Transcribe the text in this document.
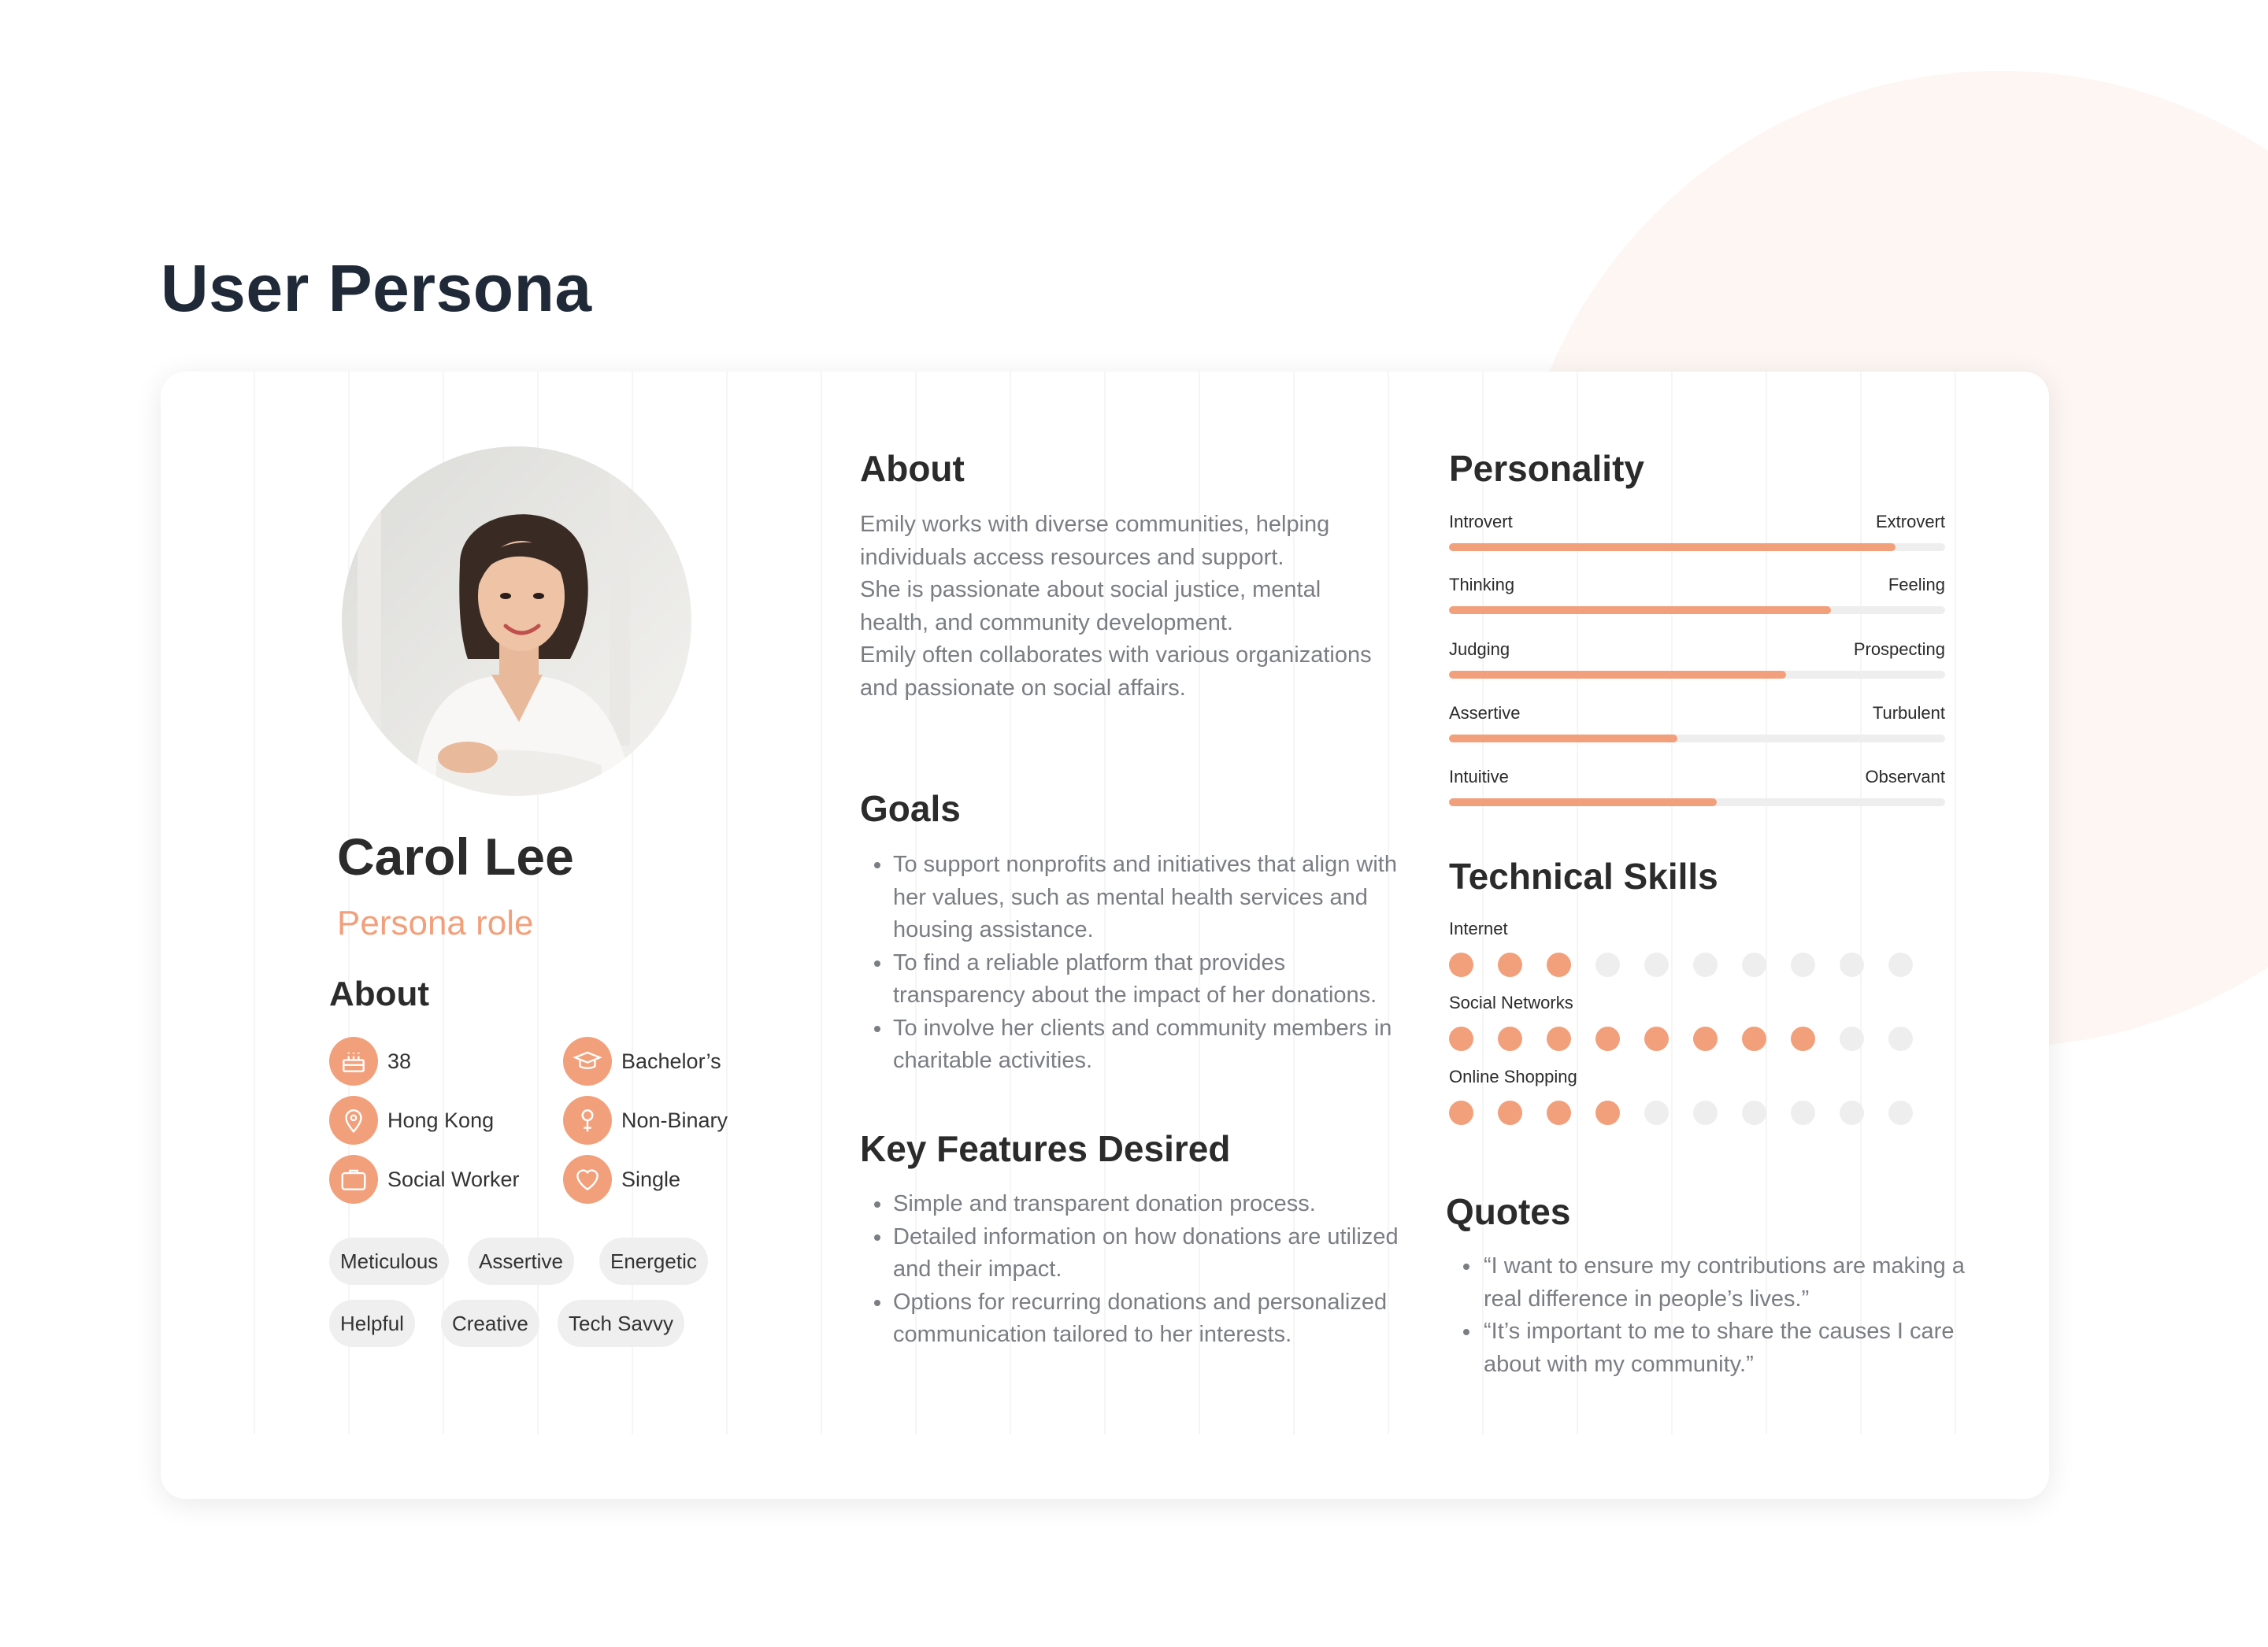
User Persona
Carol Lee
Persona role
About
38	Bachelor’s
Hong Kong	Non-Binary
Social Worker	Single
Meticulous	Assertive	Energetic
Helpful	Creative	Tech Savvy
About

Emily works with diverse communities, helping individuals access resources and support.

She is passionate about social justice, mental health, and community development.

Emily often collaborates with various organizations and passionate on social affairs.

Goals
To support nonprofits and initiatives that align with her values, such as mental health services and housing assistance.
To find a reliable platform that provides transparency about the impact of her donations.
To involve her clients and community members in charitable activities.
Key Features Desired
Simple and transparent donation process.
Detailed information on how donations are utilized and their impact.
Options for recurring donations and personalized communication tailored to her interests.
Personality
Introvert	Extrovert
Thinking	Feeling
Judging	Prospecting
Assertive	Turbulent
Intuitive	Observant
Technical Skills
Internet
Social Networks
Online Shopping
Quotes
“I want to ensure my contributions are making a real difference in people’s lives.”
“It’s important to me to share the causes I care about with my community.”
